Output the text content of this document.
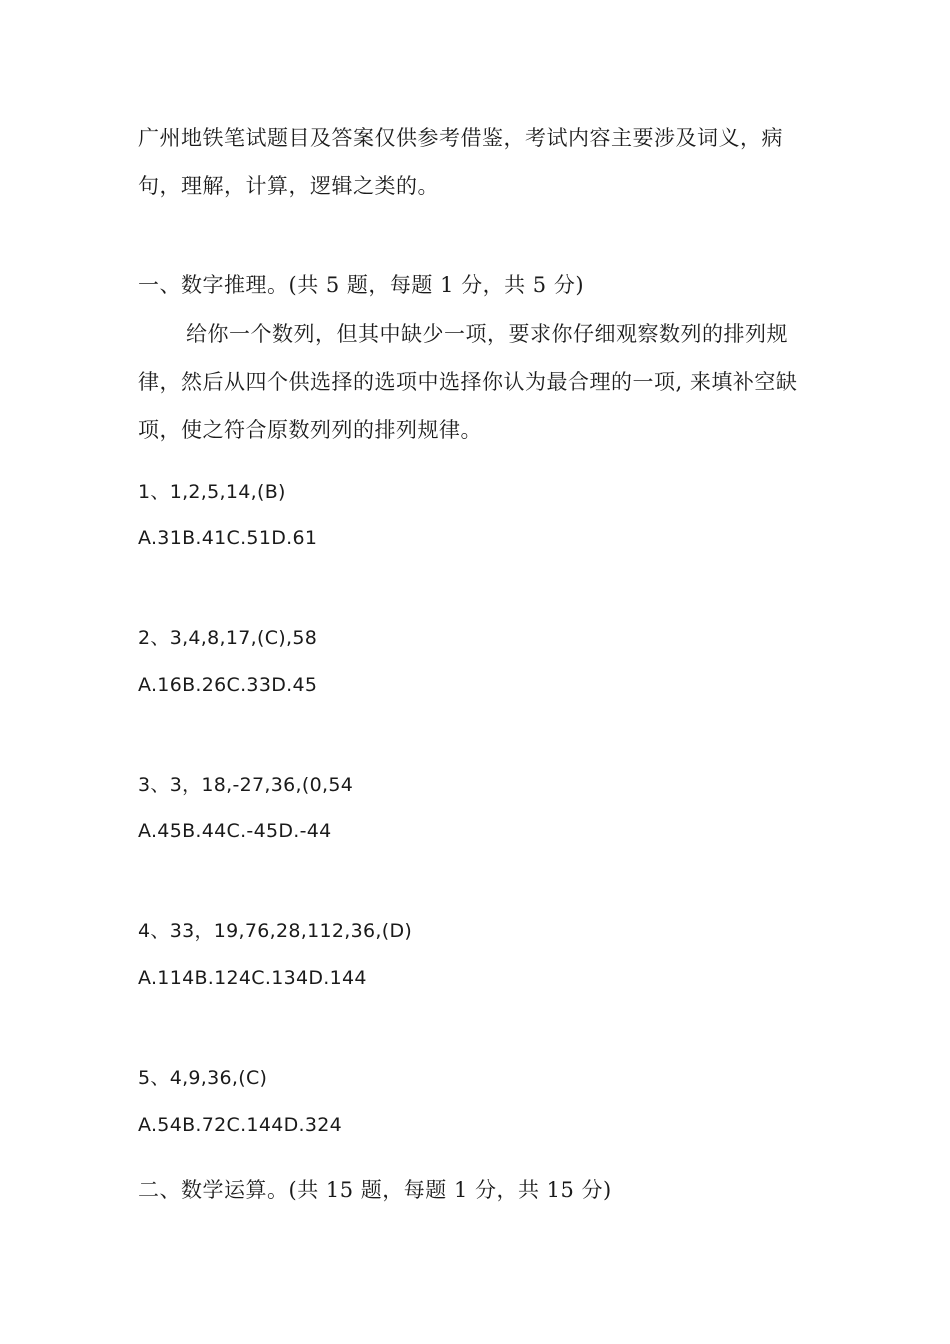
广州地铁笔试题目及答案仅供参考借鉴，考试内容主要涉及词义，病句，理解，计算，逻辑之类的。

一、数字推理。(共 5 题，每题 1 分，共 5 分)

给你一个数列，但其中缺少一项，要求你仔细观察数列的排列规律，然后从四个供选择的选项中选择你认为最合理的一项, 来填补空缺项，使之符合原数列列的排列规律。

1、1,2,5,14,(B)

A.31B.41C.51D.61

2、3,4,8,17,(C),58

A.16B.26C.33D.45

3、3，18,-27,36,(0,54

A.45B.44C.-45D.-44

4、33，19,76,28,112,36,(D)

A.114B.124C.134D.144

5、4,9,36,(C)

A.54B.72C.144D.324

二、数学运算。(共 15 题，每题 1 分，共 15 分)
